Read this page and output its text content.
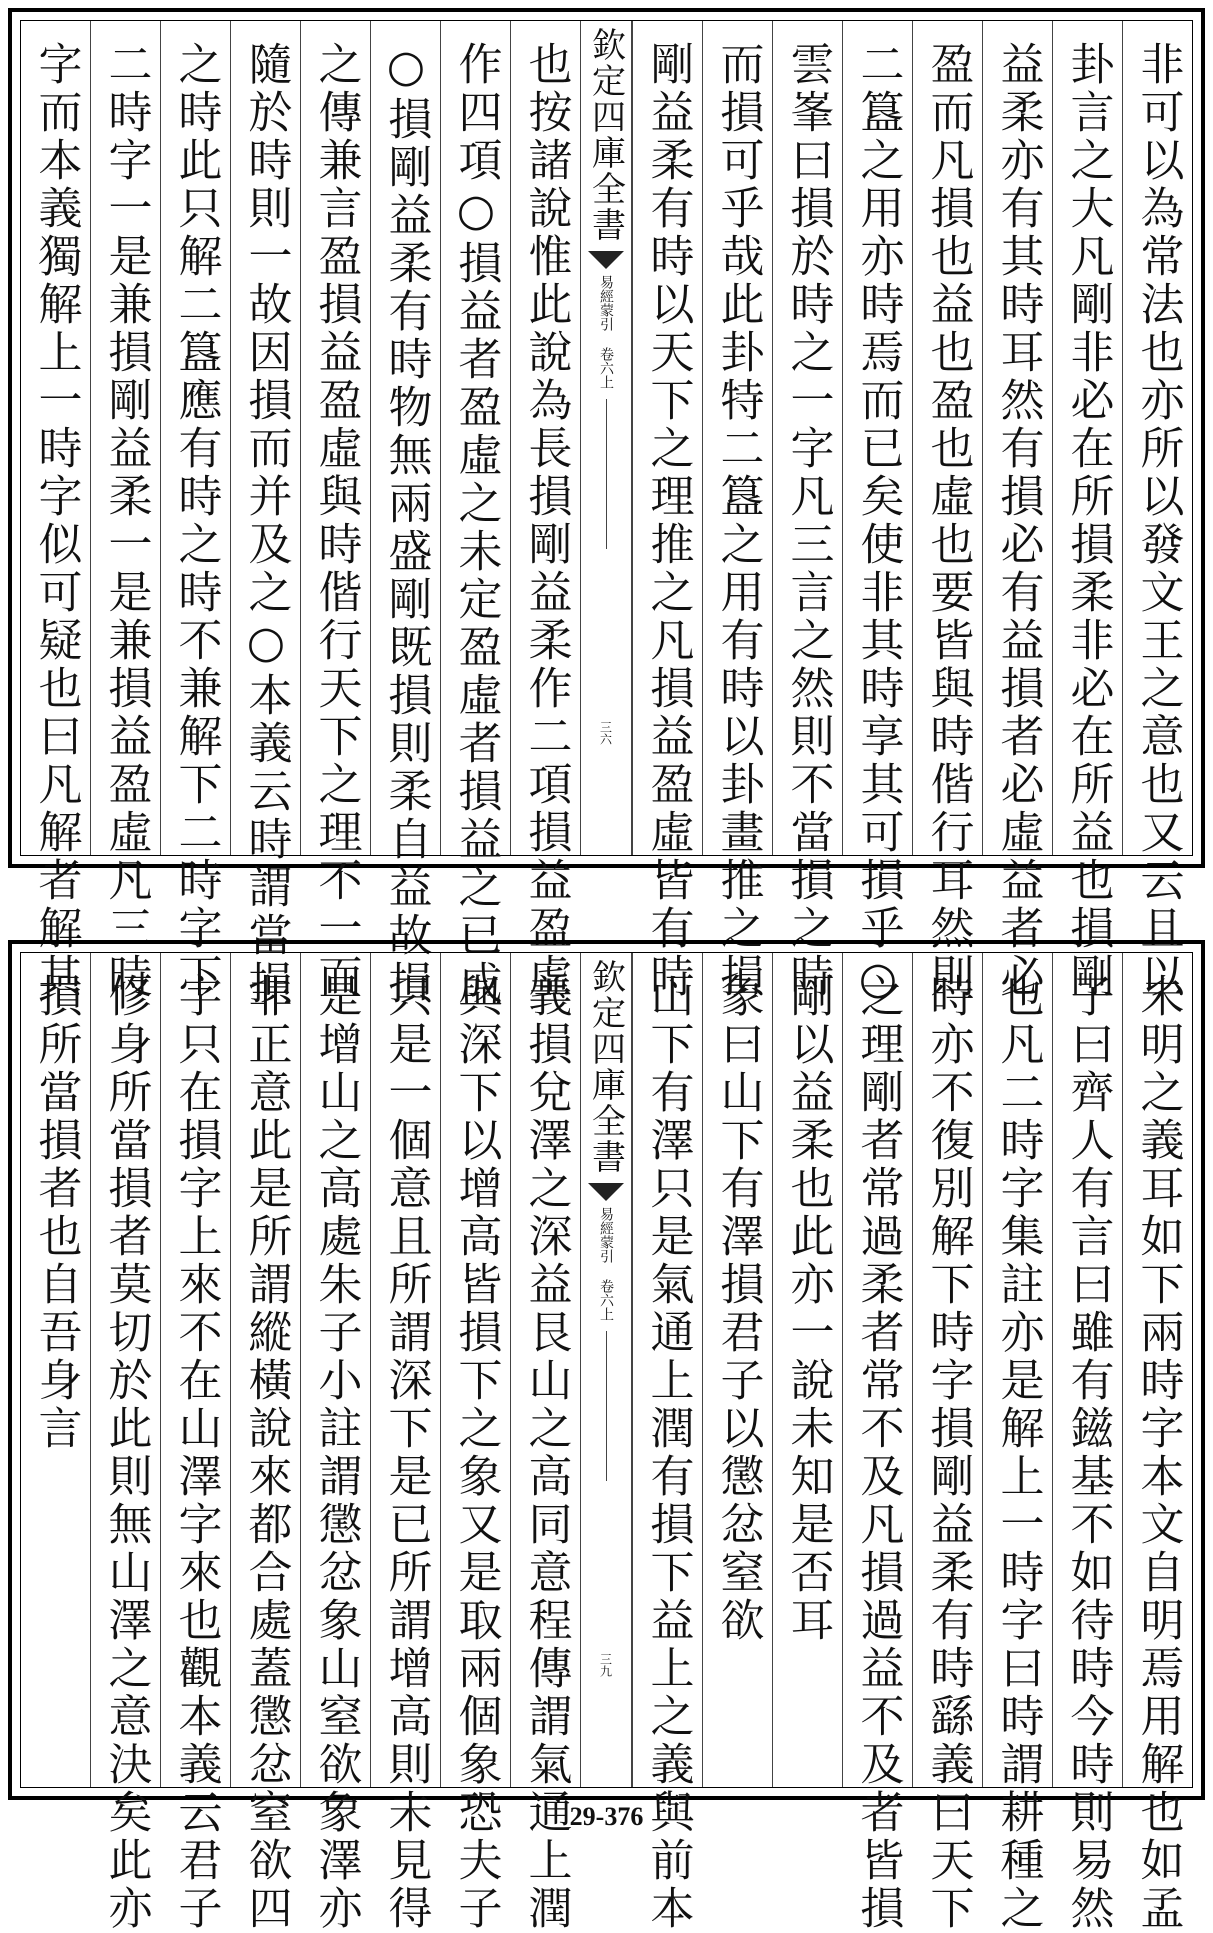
非可以為常法也亦所以發文王之意也又云且以
卦言之大凡剛非必在所損柔非必在所益也損剛
益柔亦有其時耳然有損必有益損者必虛益者必
盈而凡損也益也盈也虛也要皆與時偕行耳然則
二簋之用亦時焉而已矣使非其時享其可損乎○
雲峯曰損於時之一字凡三言之然則不當損之時
而損可乎哉此卦特二簋之用有時以卦畫推之損
剛益柔有時以天下之理推之凡損益盈虛皆有時
欽定四庫全書
易經蒙引 卷六上
三六
也按諸說惟此說為長損剛益柔作二項損益盈虛
作四項○損益者盈虛之未定盈虛者損益之已成
○損剛益柔有時物無兩盛剛既損則柔自益故損
之傳兼言盈損益盈虛與時偕行天下之理不一而
隨於時則一故因損而并及之○本義云時謂當損
之時此只解二簋應有時之時不兼解下二時字下
二時字一是兼損剛益柔一是兼損益盈虛凡三時
字而本義獨解上一時字似可疑也曰凡解者解其
未明之義耳如下兩時字本文自明焉用解也如孟
子曰齊人有言曰雖有鎡基不如待時今時則易然
也凡二時字集註亦是解上一時字曰時謂耕種之
時亦不復別解下時字損剛益柔有時繇義曰天下
之理剛者常過柔者常不及凡損過益不及者皆損
剛以益柔也此亦一說未知是否耳
象曰山下有澤損君子以懲忿窒欲
山下有澤只是氣通上潤有損下益上之義與前本
欽定四庫全書
易經蒙引 卷六上
三九
義損兌澤之深益艮山之高同意程傳謂氣通上潤
與深下以增高皆損下之象又是取兩個象恐夫子
只是一個意且所謂深下是已所謂增高則未見得
是增山之高處朱子小註謂懲忿象山窒欲象澤亦
非正意此是所謂縱橫說來都合處蓋懲忿窒欲四
字只在損字上來不在山澤字來也觀本義云君子
修身所當損者莫切於此則無山澤之意決矣此亦
損所當損者也自吾身言
29-376
